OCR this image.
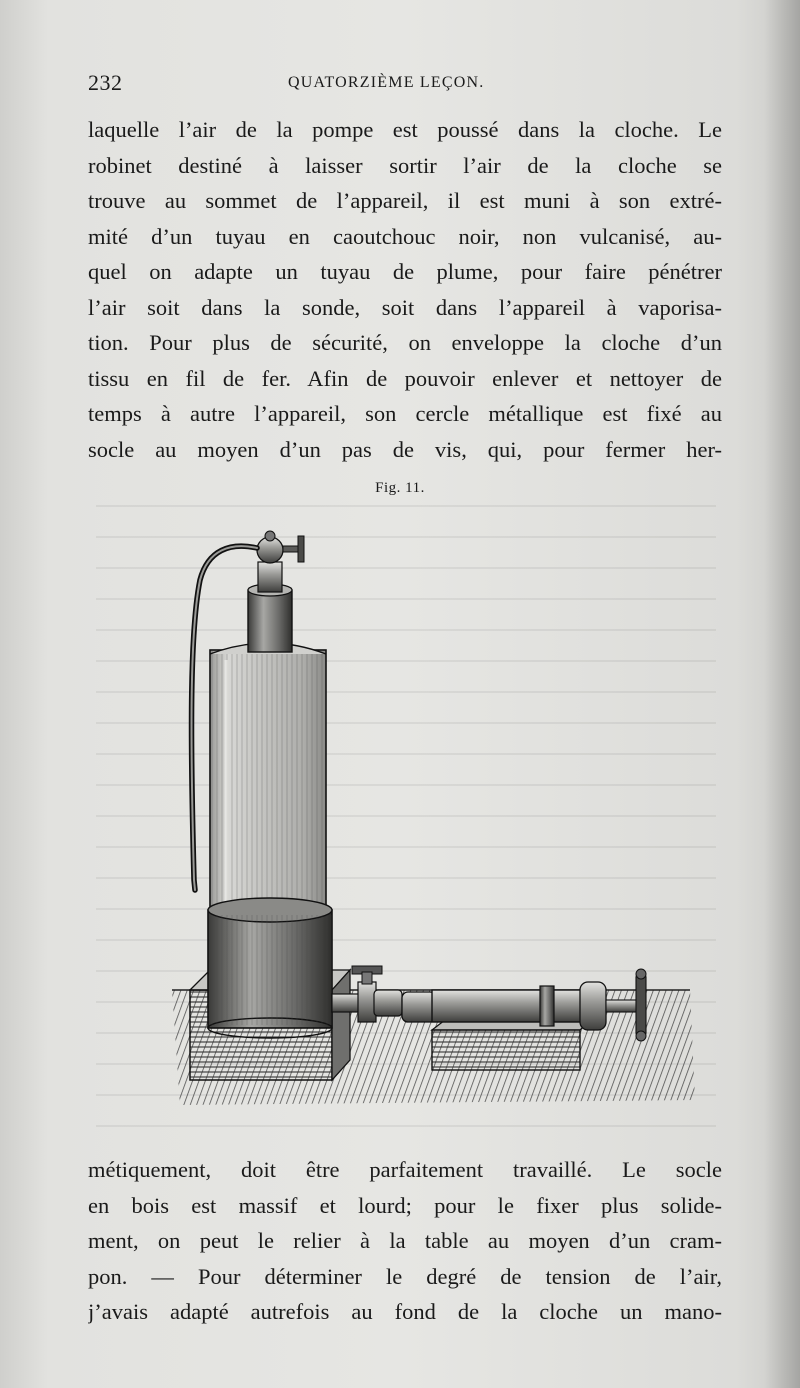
232	QUATORZIÈME LEÇON.
laquelle l’air de la pompe est poussé dans la cloche. Le
robinet destiné à laisser sortir l’air de la cloche se
trouve au sommet de l’appareil, il est muni à son extré-
mité d’un tuyau en caoutchouc noir, non vulcanisé, au-
quel on adapte un tuyau de plume, pour faire pénétrer
l’air soit dans la sonde, soit dans l’appareil à vaporisa-
tion. Pour plus de sécurité, on enveloppe la cloche d’un
tissu en fil de fer. Afin de pouvoir enlever et nettoyer de
temps à autre l’appareil, son cercle métallique est fixé au
socle au moyen d’un pas de vis, qui, pour fermer her-
Fig. 11.
métiquement, doit être parfaitement travaillé. Le socle
en bois est massif et lourd; pour le fixer plus solide-
ment, on peut le relier à la table au moyen d’un cram-
pon. — Pour déterminer le degré de tension de l’air,
j’avais adapté autrefois au fond de la cloche un mano-
